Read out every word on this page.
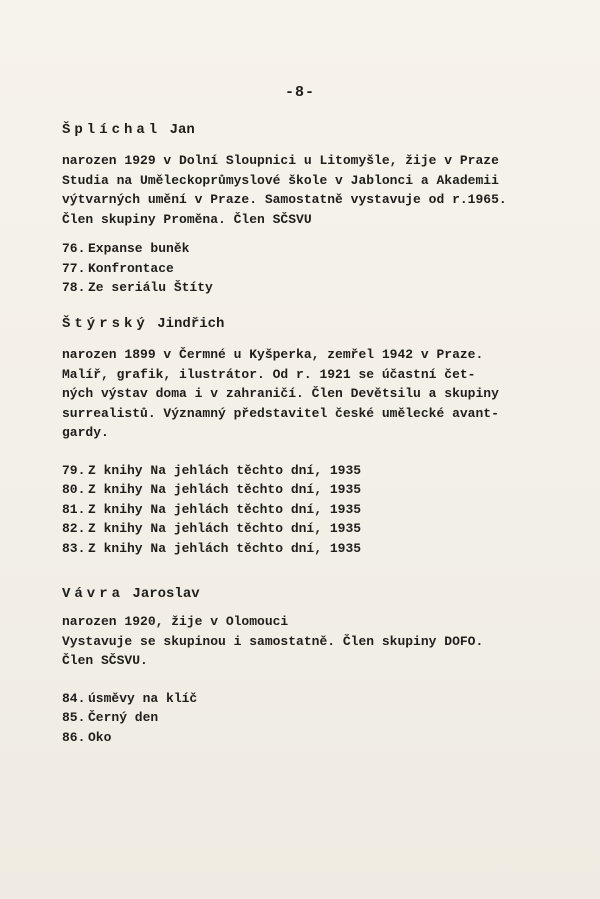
-8-
Šplíchal Jan
narozen 1929 v Dolní Sloupnici u Litomyšle, žije v Praze
Studia na Uměleckoprůmyslové škole v Jablonci a Akademii
výtvarných umění v Praze. Samostatně vystavuje od r.1965.
Člen skupiny Proměna. Člen SČSVU
76. Expanse buněk
77. Konfrontace
78. Ze seriálu Štíty
Štýrský Jindřich
narozen 1899 v Čermné u Kyšperka, zemřel 1942 v Praze.
Malíř, grafik, ilustrátor. Od r. 1921 se účastní čet-
ných výstav doma i v zahraničí. Člen Devětsilu a skupiny
surrealistů. Významný představitel české umělecké avant-
gardy.
79. Z knihy Na jehlách těchto dní, 1935
80. Z knihy Na jehlách těchto dní, 1935
81. Z knihy Na jehlách těchto dní, 1935
82. Z knihy Na jehlách těchto dní, 1935
83. Z knihy Na jehlách těchto dní, 1935
Vávra Jaroslav
narozen 1920, žije v Olomouci
Vystavuje se skupinou i samostatně. Člen skupiny DOFO.
Člen SČSVU.
84. úsměvy na klíč
85. Černý den
86. Oko
